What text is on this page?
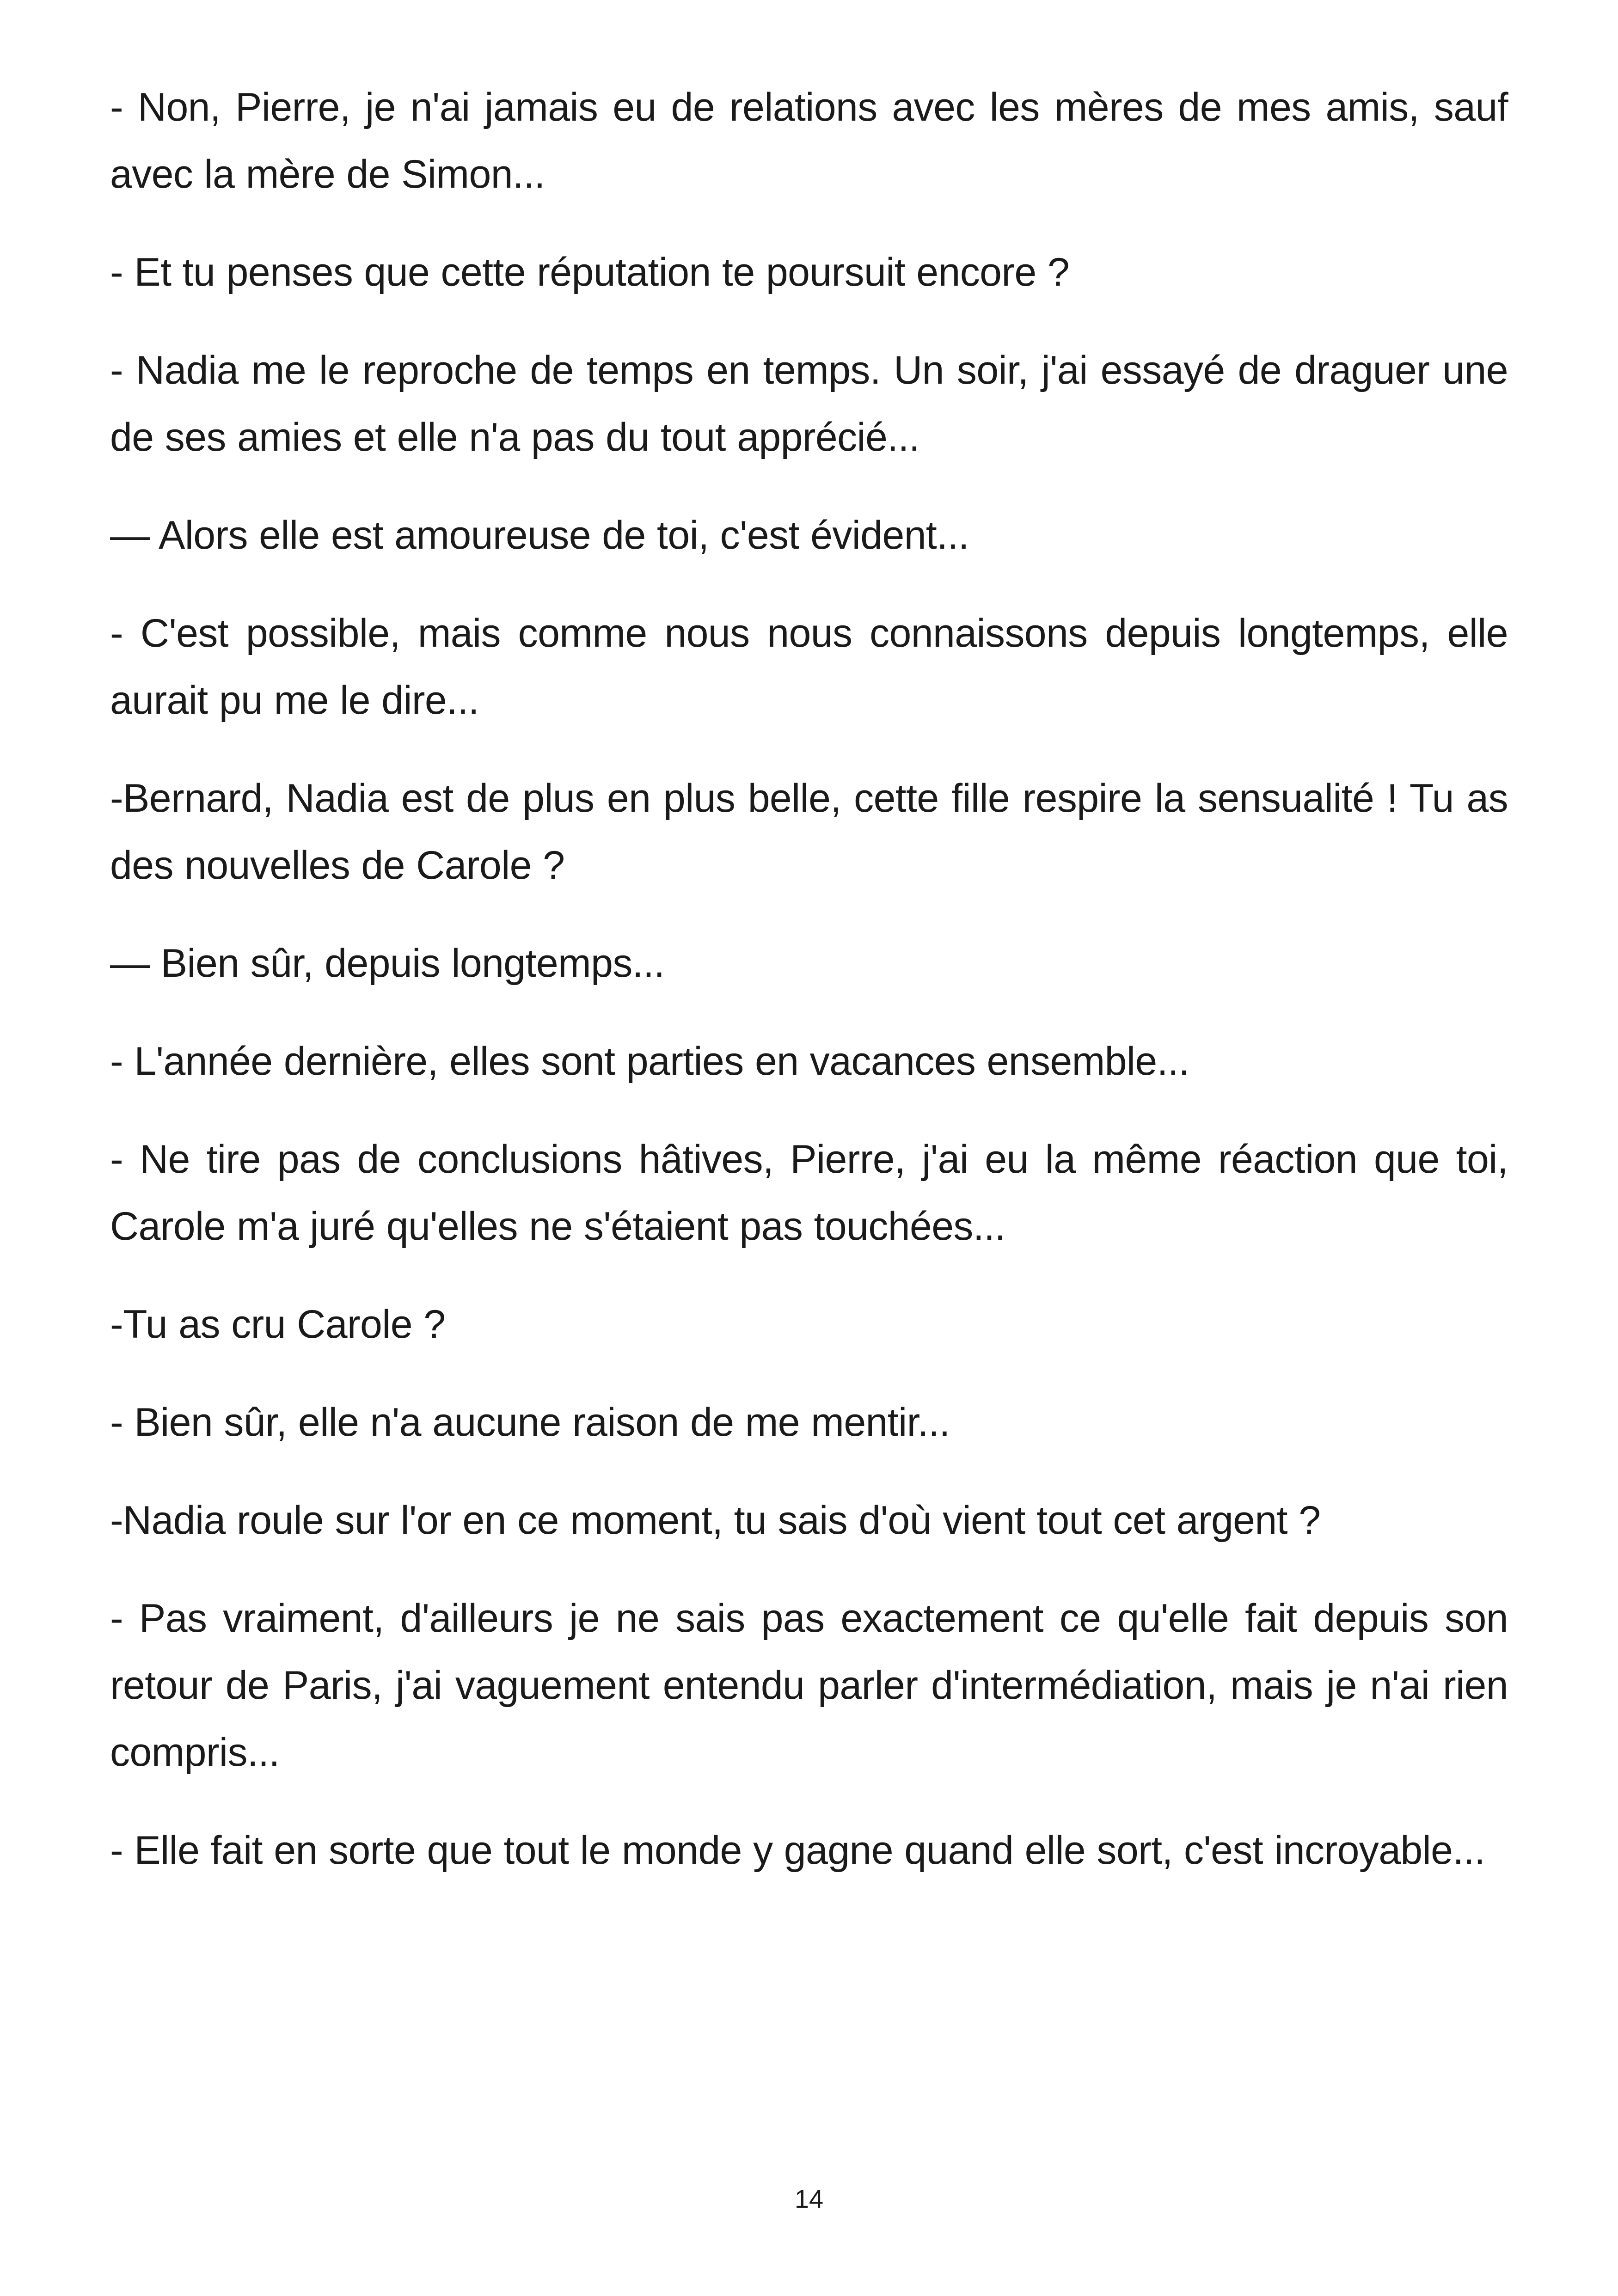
- Non, Pierre, je n'ai jamais eu de relations avec les mères de mes amis, sauf avec la mère de Simon...

- Et tu penses que cette réputation te poursuit encore ?

- Nadia me le reproche de temps en temps. Un soir, j'ai essayé de draguer une de ses amies et elle n'a pas du tout apprécié...

— Alors elle est amoureuse de toi, c'est évident...

- C'est possible, mais comme nous nous connaissons depuis longtemps, elle aurait pu me le dire...

-Bernard, Nadia est de plus en plus belle, cette fille respire la sensualité ! Tu as des nouvelles de Carole ?

— Bien sûr, depuis longtemps...

- L'année dernière, elles sont parties en vacances ensemble...

- Ne tire pas de conclusions hâtives, Pierre, j'ai eu la même réaction que toi, Carole m'a juré qu'elles ne s'étaient pas touchées...

-Tu as cru Carole ?

- Bien sûr, elle n'a aucune raison de me mentir...

-Nadia roule sur l'or en ce moment, tu sais d'où vient tout cet argent ?

- Pas vraiment, d'ailleurs je ne sais pas exactement ce qu'elle fait depuis son retour de Paris, j'ai vaguement entendu parler d'intermédiation, mais je n'ai rien compris...

- Elle fait en sorte que tout le monde y gagne quand elle sort, c'est incroyable...

14
